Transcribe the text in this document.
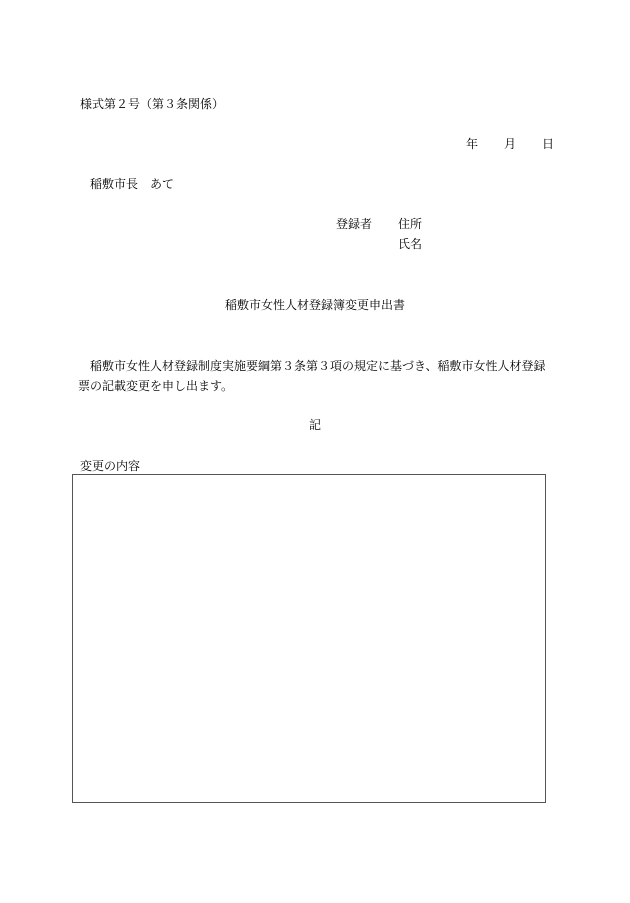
様式第２号（第３条関係）
年 月 日
稲敷市長 あて
登録者 住所
氏名
稲敷市女性人材登録簿変更申出書
稲敷市女性人材登録制度実施要綱第３条第３項の規定に基づき、稲敷市女性人材登録
票の記載変更を申し出ます。
記
変更の内容
